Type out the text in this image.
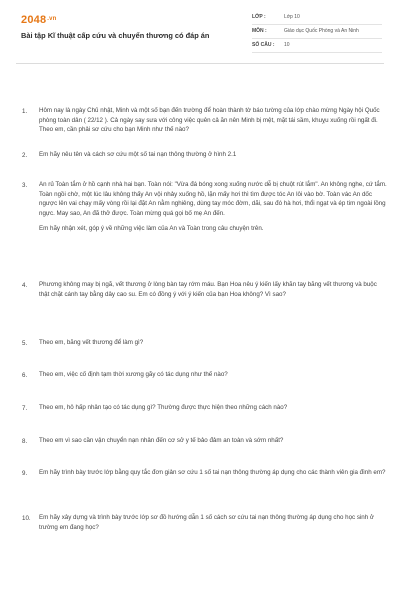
$2048^{.vn}$
Bài tập Kĩ thuật cấp cứu và chuyển thương có đáp án
LỚP :	Lớp 10
MÔN :	Giáo dục Quốc Phòng và An Ninh
SỐ CÂU : 10
1. Hôm nay là ngày Chủ nhật, Minh và một số bạn đến trường để hoàn thành tờ báo tường của lớp chào mừng Ngày hội Quốc phòng toàn dân ( 22/12 ). Cả ngày say sưa với công việc quên cả ăn nên Minh bị mệt, mặt tái sầm, khuỵu xuống rồi ngất đi. Theo em, cần phải sơ cứu cho bạn Minh như thế nào?

2. Em hãy nêu tên và cách sơ cứu một số tai nạn thông thường ở hình 2.1

3. An rủ Toàn tắm ở hồ cạnh nhà hai bạn. Toàn nói: "Vừa đá bóng xong xuống nước dễ bị chuột rút lắm". An không nghe, cứ tắm. Toàn ngồi chờ, một lúc lâu không thấy An vội nhảy xuống hồ, lặn mấy hơi thì tìm được tóc An lôi vào bờ. Toàn vác An dốc ngược lên vai chạy mấy vòng rồi lại đặt An nằm nghiêng, dùng tay móc đờm, dãi, sau đó hà hơi, thổi ngạt và ép tim ngoài lồng ngực. May sao, An đã thở được. Toàn mừng quá gọi bố mẹ An đến.

Em hãy nhận xét, góp ý về những việc làm của An và Toàn trong câu chuyện trên.

4. Phương không may bị ngã, vết thương ở lòng bàn tay rớm máu. Bạn Hoa nêu ý kiến lấy khăn tay băng vết thương và buộc thật chặt cánh tay bằng dây cao su. Em có đồng ý với ý kiến của bạn Hoa không? Vì sao?

5. Theo em, băng vết thương để làm gì?

6. Theo em, việc cố định tạm thời xương gãy có tác dụng như thế nào?

7. Theo em, hô hấp nhân tạo có tác dụng gì? Thường được thực hiện theo những cách nào?

8. Theo em vì sao cần vận chuyển nạn nhân đến cơ sở y tế bảo đảm an toàn và sớm nhất?

9. Em hãy trình bày trước lớp bằng quy tắc đơn giản sơ cứu 1 số tai nạn thông thường áp dụng cho các thành viên gia đình em?

10. Em hãy xây dựng và trình bày trước lớp sơ đồ hướng dẫn 1 số cách sơ cứu tai nạn thông thường áp dụng cho học sinh ở trường em đang học?
